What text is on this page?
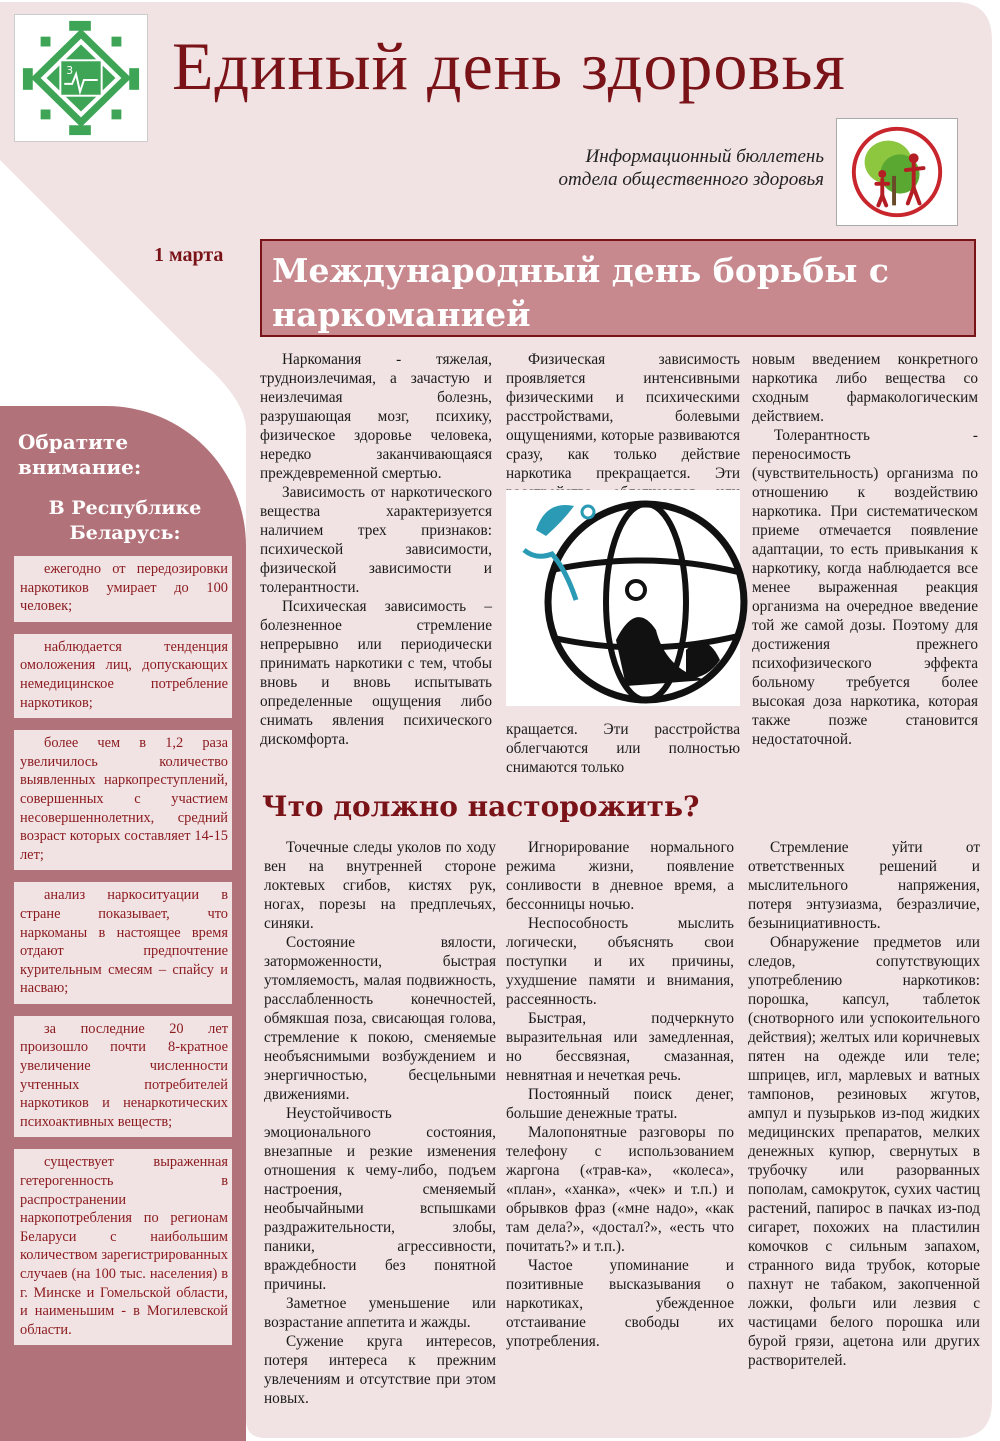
3 Единый день здоровья
Информационный бюллетень
отдела общественного здоровья
1 марта	Международный день борьбы с наркоманией
Обратите
внимание:
В Республике
Беларусь:
ежегодно от передозировки наркотиков умирает до 100 человек;
наблюдается тенденция омоложения лиц, допускающих немедицинское потребление наркотиков;
более чем в 1,2 раза увеличилось количество выявленных наркопреступлений, совершенных с участием несовершеннолетних, средний возраст которых составляет 14-15 лет;
анализ наркоситуации в стране показывает, что наркоманы в настоящее время отдают предпочтение курительным смесям – спайсу и насваю;
за последние 20 лет произошло почти 8-кратное увеличение численности учтенных потребителей наркотиков и ненаркотических психоактивных веществ;
существует выраженная гетерогенность в распространении наркопотребления по регионам Беларуси с наибольшим количеством зарегистрированных случаев (на 100 тыс. населения) в г. Минске и Гомельской области, и наименьшим - в Могилевской области.

Наркомания - тяжелая, трудноизлечимая, а зачастую и неизлечимая болезнь, разрушающая мозг, психику, физическое здоровье человека, нередко заканчивающаяся преждевременной смертью.

Зависимость от наркотического вещества характеризуется наличием трех признаков: психической зависимости, физической зависимости и толерантности.

Психическая зависимость – болезненное стремление непрерывно или периодически принимать наркотики с тем, чтобы вновь и вновь испытывать определенные ощущения либо снимать явления психического дискомфорта.

Физическая зависимость проявляется интенсивными физическими и психическими расстройствами, болевыми ощущениями, которые развиваются сразу, как только действие наркотика прекращается. Эти

кращается. Эти расстройства облегчаются или полностью снимаются только

новым введением конкретного наркотика либо вещества со сходным фармакологическим действием.

Толерантность - переносимость (чувствительность) организма по отношению к воздействию наркотика. При систематическом приеме отмечается появление адаптации, то есть привыкания к наркотику, когда наблюдается все менее выраженная реакция организма на очередное введение той же самой дозы. Поэтому для достижения прежнего психофизического эффекта больному требуется более высокая доза наркотика, которая также позже становится недостаточной.

Что должно насторожить?

Точечные следы уколов по ходу вен на внутренней стороне локтевых сгибов, кистях рук, ногах, порезы на предплечьях, синяки.

Состояние вялости, заторможенности, быстрая утомляемость, малая подвижность, расслабленность конечностей, обмякшая поза, свисающая голова, стремление к покою, сменяемые необъяснимыми возбуждением и энергичностью, бесцельными движениями.

Неустойчивость эмоционального состояния, внезапные и резкие изменения отношения к чему-либо, подъем настроения, сменяемый необычайными вспышками раздражительности, злобы, паники, агрессивности, враждебности без понятной причины.

Заметное уменьшение или возрастание аппетита и жажды.

Сужение круга интересов, потеря интереса к прежним увлечениям и отсутствие при этом новых.

Игнорирование нормального режима жизни, появление сонливости в дневное время, а бессонницы ночью.

Неспособность мыслить логически, объяснять свои поступки и их причины, ухудшение памяти и внимания, рассеянность.

Быстрая, подчеркнуто выразительная или замедленная, но бессвязная, смазанная, невнятная и нечеткая речь.

Постоянный поиск денег, большие денежные траты.

Малопонятные разговоры по телефону с использованием жаргона («трав-ка», «колеса», «план», «ханка», «чек» и т.п.) и обрывков фраз («мне надо», «как там дела?», «достал?», «есть что почитать?» и т.п.).

Частое упоминание и позитивные высказывания о наркотиках, убежденное отстаивание свободы их употребления.

Стремление уйти от ответственных решений и мыслительного напряжения, потеря энтузиазма, безразличие, безынициативность.

Обнаружение предметов или следов, сопутствующих употреблению наркотиков: порошка, капсул, таблеток (снотворного или успокоительного действия); желтых или коричневых пятен на одежде или теле; шприцев, игл, марлевых и ватных тампонов, резиновых жгутов, ампул и пузырьков из-под жидких медицинских препаратов, мелких денежных купюр, свернутых в трубочку или разорванных пополам, самокруток, сухих частиц растений, папирос в пачках из-под сигарет, похожих на пластилин комочков с сильным запахом, странного вида трубок, которые пахнут не табаком, закопченной ложки, фольги или лезвия с частицами белого порошка или бурой грязи, ацетона или других растворителей.
